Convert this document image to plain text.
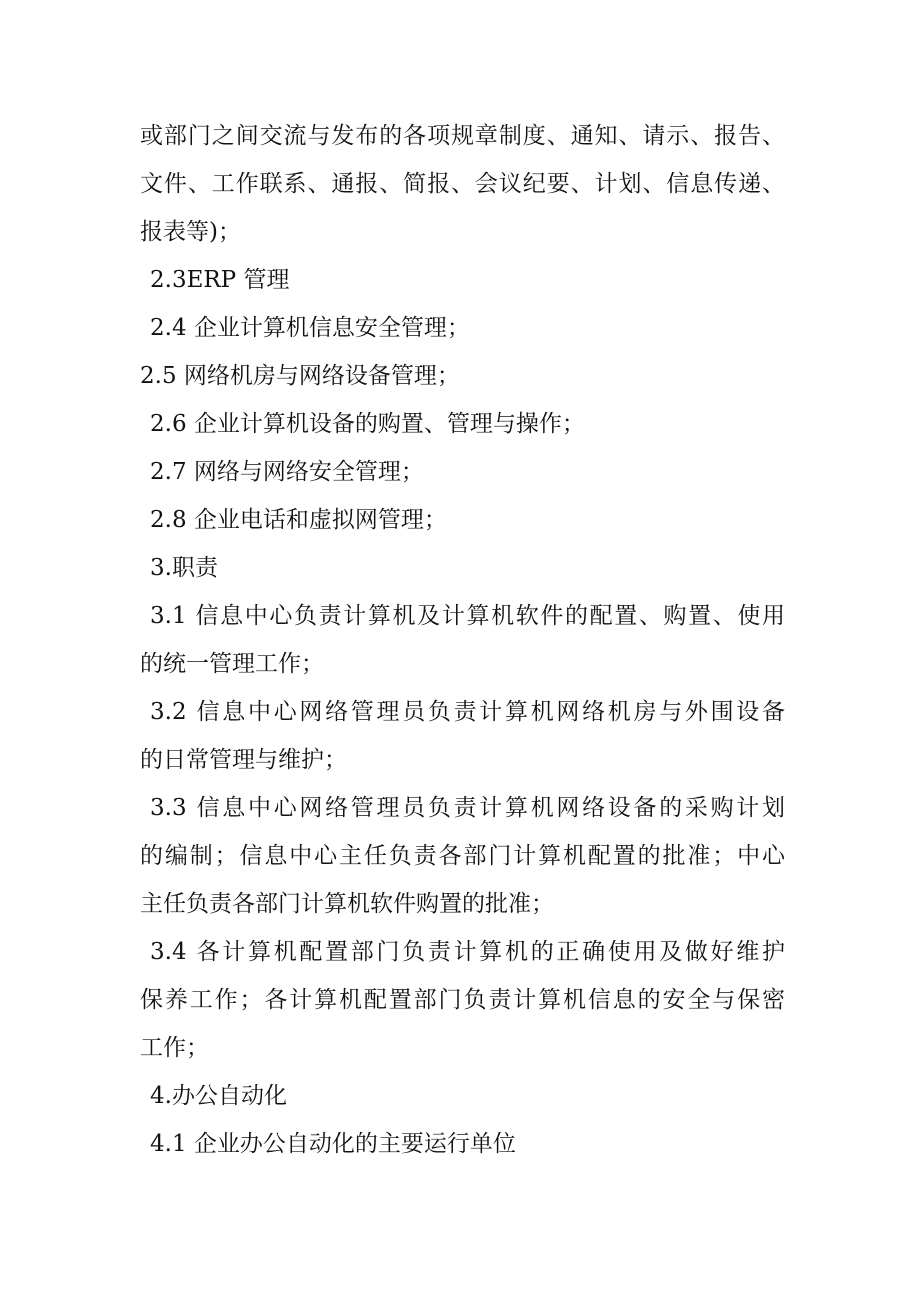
或部门之间交流与发布的各项规章制度、通知、请示、报告、
文件、工作联系、通报、简报、会议纪要、计划、信息传递、
报表等)；
2.3ERP 管理
2.4 企业计算机信息安全管理；
2.5 网络机房与网络设备管理；
2.6 企业计算机设备的购置、管理与操作；
2.7 网络与网络安全管理；
2.8 企业电话和虚拟网管理；
3.职责
3.1 信息中心负责计算机及计算机软件的配置、购置、使用
的统一管理工作；
3.2 信息中心网络管理员负责计算机网络机房与外围设备
的日常管理与维护；
3.3 信息中心网络管理员负责计算机网络设备的采购计划
的编制；信息中心主任负责各部门计算机配置的批准；中心
主任负责各部门计算机软件购置的批准；
3.4 各计算机配置部门负责计算机的正确使用及做好维护
保养工作；各计算机配置部门负责计算机信息的安全与保密
工作；
4.办公自动化
4.1 企业办公自动化的主要运行单位
